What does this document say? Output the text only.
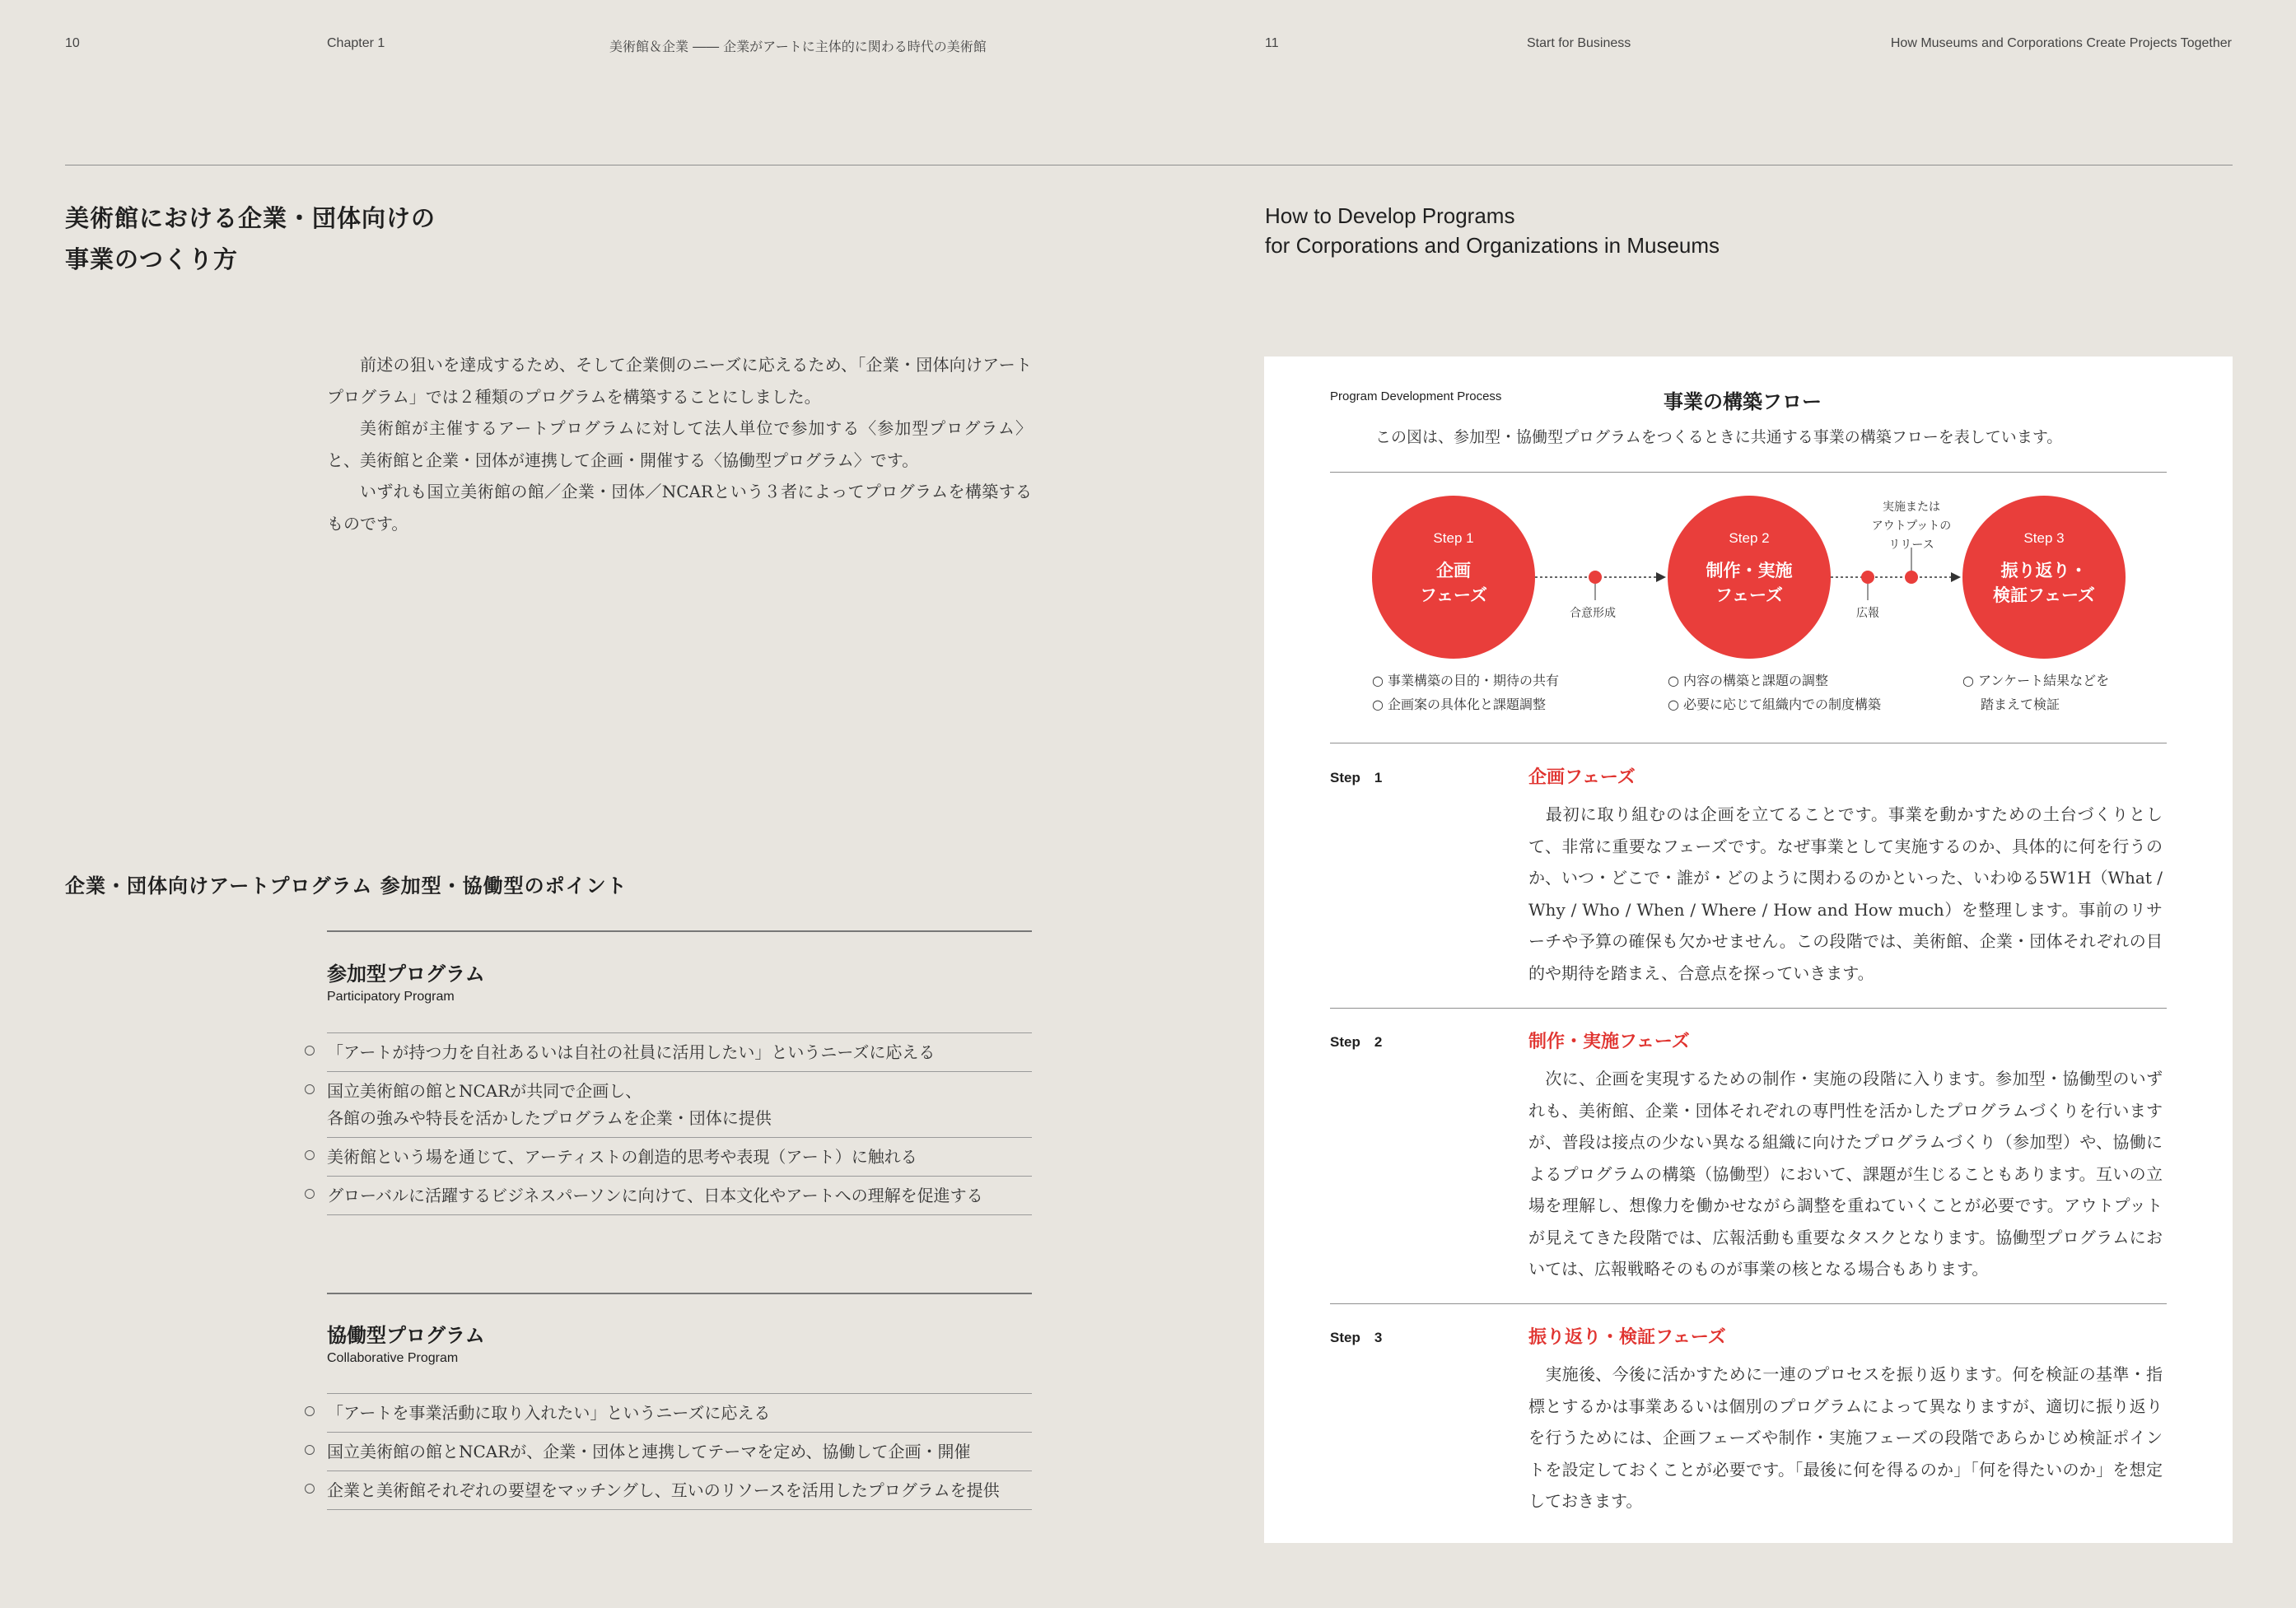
10	Chapter 1	美術館＆企業 ―― 企業がアートに主体的に関わる時代の美術館	11	Start for Business	How Museums and Corporations Create Projects Together
美術館における企業・団体向けの
事業のつくり方

前述の狙いを達成するため、そして企業側のニーズに応えるため、「企業・団体向けアートプログラム」では２種類のプログラムを構築することにしました。

美術館が主催するアートプログラムに対して法人単位で参加する〈参加型プログラム〉と、美術館と企業・団体が連携して企画・開催する〈協働型プログラム〉です。

いずれも国立美術館の館／企業・団体／NCARという３者によってプログラムを構築するものです。

企業・団体向けアートプログラム 参加型・協働型のポイント
参加型プログラム
Participatory Program
「アートが持つ力を自社あるいは自社の社員に活用したい」というニーズに応える
国立美術館の館とNCARが共同で企画し、
各館の強みや特長を活かしたプログラムを企業・団体に提供
美術館という場を通じて、アーティストの創造的思考や表現（アート）に触れる
グローバルに活躍するビジネスパーソンに向けて、日本文化やアートへの理解を促進する
協働型プログラム
Collaborative Program
「アートを事業活動に取り入れたい」というニーズに応える
国立美術館の館とNCARが、企業・団体と連携してテーマを定め、協働して企画・開催
企業と美術館それぞれの要望をマッチングし、互いのリソースを活用したプログラムを提供
How to Develop Programs
for Corporations and Organizations in Museums
Program Development Process	事業の構築フロー
この図は、参加型・協働型プログラムをつくるときに共通する事業の構築フローを表しています。
Step 1
企画
フェーズ
Step 2
制作・実施
フェーズ
Step 3
振り返り・
検証フェーズ
合意形成	広報
実施または
アウトプットの
リリース
○ 事業構築の目的・期待の共有
○ 企画案の具体化と課題調整
○ 内容の構築と課題の調整
○ 必要に応じて組織内での制度構築
○ アンケート結果などを
踏まえて検証
Step　1	企画フェーズ
　最初に取り組むのは企画を立てることです。事業を動かすための土台づくりとして、非常に重要なフェーズです。なぜ事業として実施するのか、具体的に何を行うのか、いつ・どこで・誰が・どのように関わるのかといった、いわゆる5W1H（What / Why / Who / When / Where / How and How much）を整理します。事前のリサーチや予算の確保も欠かせません。この段階では、美術館、企業・団体それぞれの目的や期待を踏まえ、合意点を探っていきます。
Step　2	制作・実施フェーズ
　次に、企画を実現するための制作・実施の段階に入ります。参加型・協働型のいずれも、美術館、企業・団体それぞれの専門性を活かしたプログラムづくりを行いますが、普段は接点の少ない異なる組織に向けたプログラムづくり（参加型）や、協働によるプログラムの構築（協働型）において、課題が生じることもあります。互いの立場を理解し、想像力を働かせながら調整を重ねていくことが必要です。アウトプットが見えてきた段階では、広報活動も重要なタスクとなります。協働型プログラムにおいては、広報戦略そのものが事業の核となる場合もあります。
Step　3	振り返り・検証フェーズ
　実施後、今後に活かすために一連のプロセスを振り返ります。何を検証の基準・指標とするかは事業あるいは個別のプログラムによって異なりますが、適切に振り返りを行うためには、企画フェーズや制作・実施フェーズの段階であらかじめ検証ポイントを設定しておくことが必要です。「最後に何を得るのか」「何を得たいのか」を想定しておきます。
